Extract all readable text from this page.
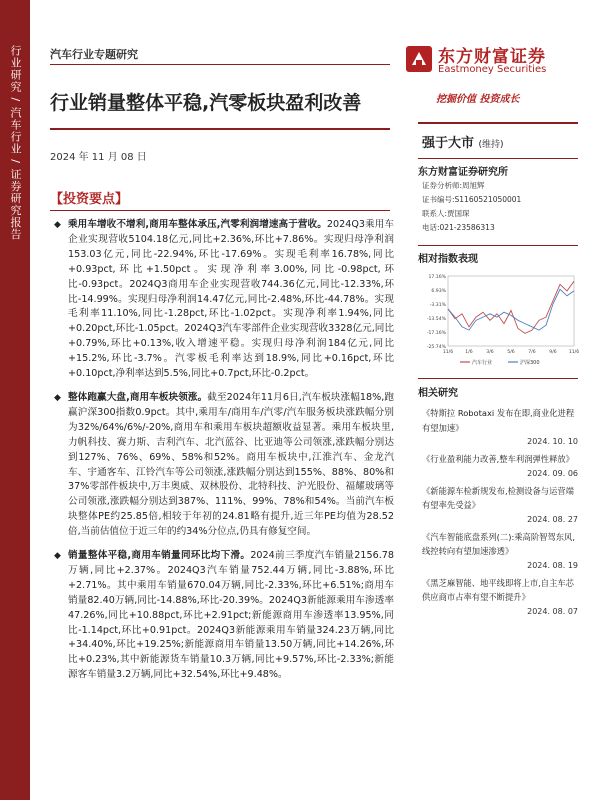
行业研究 / 汽车行业 / 证券研究报告	汽车行业专题研究	东方财富证券
Eastmoney Securities
挖掘价值 投资成长
行业销量整体平稳,汽零板块盈利改善
2024 年 11 月 08 日
【投资要点】
◆ 乘用车增收不增利,商用车整体承压,汽零利润增速高于营收。2024Q3乘用车企业实现营收5104.18亿元,同比+2.36%,环比+7.86%。实现归母净利润153.03亿元,同比-22.94%,环比-17.69%。实现毛利率16.78%,同比+0.93pct,环比+1.50pct。实现净利率3.00%,同比-0.98pct,环比-0.93pct。2024Q3商用车企业实现营收744.36亿元,同比-12.33%,环比-14.99%。实现归母净利润14.47亿元,同比-2.48%,环比-44.78%。实现毛利率11.10%,同比-1.28pct,环比-1.02pct。实现净利率1.94%,同比+0.20pct,环比-1.05pct。2024Q3汽车零部件企业实现营收3328亿元,同比+0.79%,环比+0.13%,收入增速平稳。实现归母净利润184亿元,同比+15.2%,环比-3.7%。汽零板毛利率达到18.9%,同比+0.16pct,环比+0.10pct,净利率达到5.5%,同比+0.7pct,环比-0.2pct。
◆ 整体跑赢大盘,商用车板块领涨。截至2024年11月6日,汽车板块涨幅18%,跑赢沪深300指数0.9pct。其中,乘用车/商用车/汽零/汽车服务板块涨跌幅分别为32%/64%/6%/-20%,商用车和乘用车板块超额收益显著。乘用车板块里,力帆科技、赛力斯、吉利汽车、北汽蓝谷、比亚迪等公司领涨,涨跌幅分别达到127%、76%、69%、58%和52%。商用车板块中,江淮汽车、金龙汽车、宇通客车、江铃汽车等公司领涨,涨跌幅分别达到155%、88%、80%和37%零部件板块中,万丰奥威、双林股份、北特科技、沪光股份、福耀玻璃等公司领涨,涨跌幅分别达到387%、111%、99%、78%和54%。当前汽车板块整体PE约25.85倍,相较于年初的24.81略有提升,近三年PE均值为28.52倍,当前估值位于近三年的约34%分位点,仍具有修复空间。
◆ 销量整体平稳,商用车销量同环比均下滑。2024前三季度汽车销量2156.78万辆,同比+2.37%。2024Q3汽车销量752.44万辆,同比-3.88%,环比+2.71%。其中乘用车销量670.04万辆,同比-2.33%,环比+6.51%;商用车销量82.40万辆,同比-14.88%,环比-20.39%。2024Q3新能源乘用车渗透率47.26%,同比+10.88pct,环比+2.91pct;新能源商用车渗透率13.95%,同比-1.14pct,环比+0.91pct。2024Q3新能源乘用车销量324.23万辆,同比+34.40%,环比+19.25%;新能源商用车销量13.50万辆,同比+14.26%,环比+0.23%,其中新能源货车销量10.3万辆,同比+9.57%,环比-2.33%;新能源客车销量3.2万辆,同比+32.54%,环比+9.48%。
强于大市 (维持)
东方财富证券研究所
证券分析师:周旭辉
证书编号:S1160521050001
联系人:贾国琛
电话:021-23586313
相对指数表现
17.16%
6.93%
-3.31%
-13.54%
-17.16%
-25.74%
11/6	1/6	3/6	5/6	7/6	9/6	11/6
汽车行业	沪深300
相关研究
《特斯拉 Robotaxi 发布在即,商业化进程有望加速》
2024. 10. 10
《行业盈利能力改善,整车利润弹性释放》
2024. 09. 06
《新能源车检新规发布,检测设备与运营端有望率先受益》
2024. 08. 27
《汽车智能底盘系列(二):乘高阶智驾东风,线控转向有望加速渗透》
2024. 08. 19
《黑芝麻智能、地平线即将上市,自主车芯供应商市占率有望不断提升》
2024. 08. 07
